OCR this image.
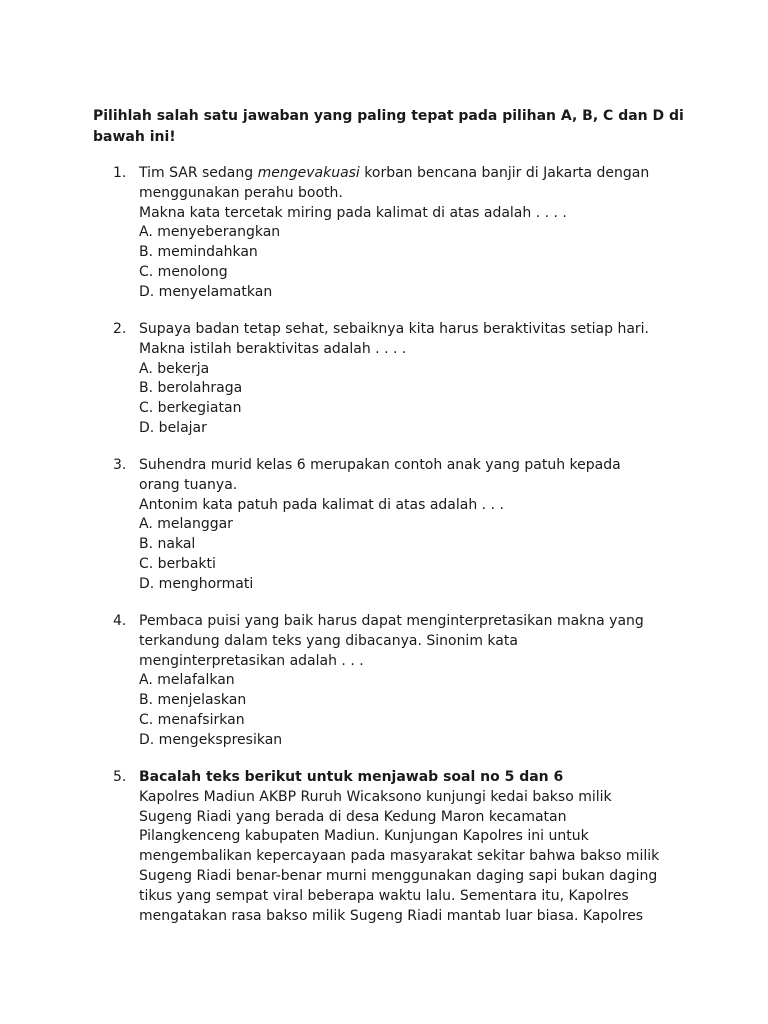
Pilihlah salah satu jawaban yang paling tepat pada pilihan A, B, C dan D di
bawah ini!

1. Tim SAR sedang mengevakuasi korban bencana banjir di Jakarta dengan
menggunakan perahu booth.
Makna kata tercetak miring pada kalimat di atas adalah . . . .
A. menyeberangkan
B. memindahkan
C. menolong
D. menyelamatkan
2. Supaya badan tetap sehat, sebaiknya kita harus beraktivitas setiap hari.
Makna istilah beraktivitas adalah . . . .
A. bekerja
B. berolahraga
C. berkegiatan
D. belajar
3. Suhendra murid kelas 6 merupakan contoh anak yang patuh kepada
orang tuanya.
Antonim kata patuh pada kalimat di atas adalah . . .
A. melanggar
B. nakal
C. berbakti
D. menghormati
4. Pembaca puisi yang baik harus dapat menginterpretasikan makna yang
terkandung dalam teks yang dibacanya. Sinonim kata
menginterpretasikan adalah . . .
A. melafalkan
B. menjelaskan
C. menafsirkan
D. mengekspresikan
5. Bacalah teks berikut untuk menjawab soal no 5 dan 6
Kapolres Madiun AKBP Ruruh Wicaksono kunjungi kedai bakso milik
Sugeng Riadi yang berada di desa Kedung Maron kecamatan
Pilangkenceng kabupaten Madiun. Kunjungan Kapolres ini untuk
mengembalikan kepercayaan pada masyarakat sekitar bahwa bakso milik
Sugeng Riadi benar-benar murni menggunakan daging sapi bukan daging
tikus yang sempat viral beberapa waktu lalu. Sementara itu, Kapolres
mengatakan rasa bakso milik Sugeng Riadi mantab luar biasa. Kapolres
